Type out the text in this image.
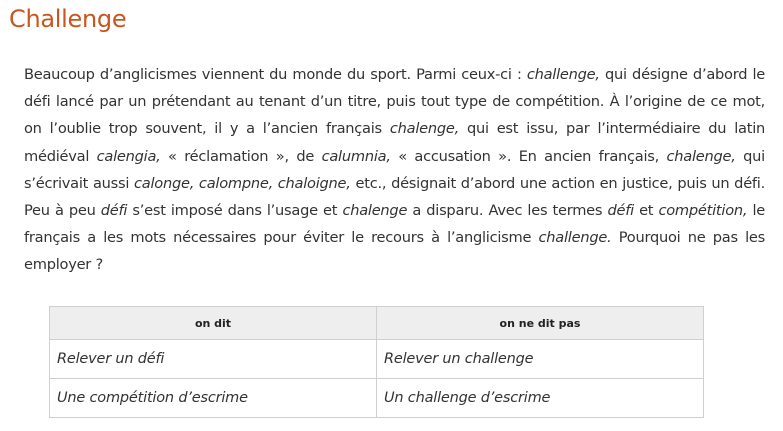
Challenge

Beaucoup d’anglicismes viennent du monde du sport. Parmi ceux-ci : challenge, qui désigne d’abord le défi lancé par un prétendant au tenant d’un titre, puis tout type de compétition. À l’origine de ce mot, on l’oublie trop souvent, il y a l’ancien français chalenge, qui est issu, par l’intermédiaire du latin médiéval calengia, « réclamation », de calumnia, « accusation ». En ancien français, chalenge, qui s’écrivait aussi calonge, calompne, chaloigne, etc., désignait d’abord une action en justice, puis un défi. Peu à peu défi s’est imposé dans l’usage et chalenge a disparu. Avec les termes défi et compétition, le français a les mots nécessaires pour éviter le recours à l’anglicisme challenge. Pourquoi ne pas les employer ?

on dit	on ne dit pas
Relever un défi	Relever un challenge
Une compétition d’escrime	Un challenge d’escrime
